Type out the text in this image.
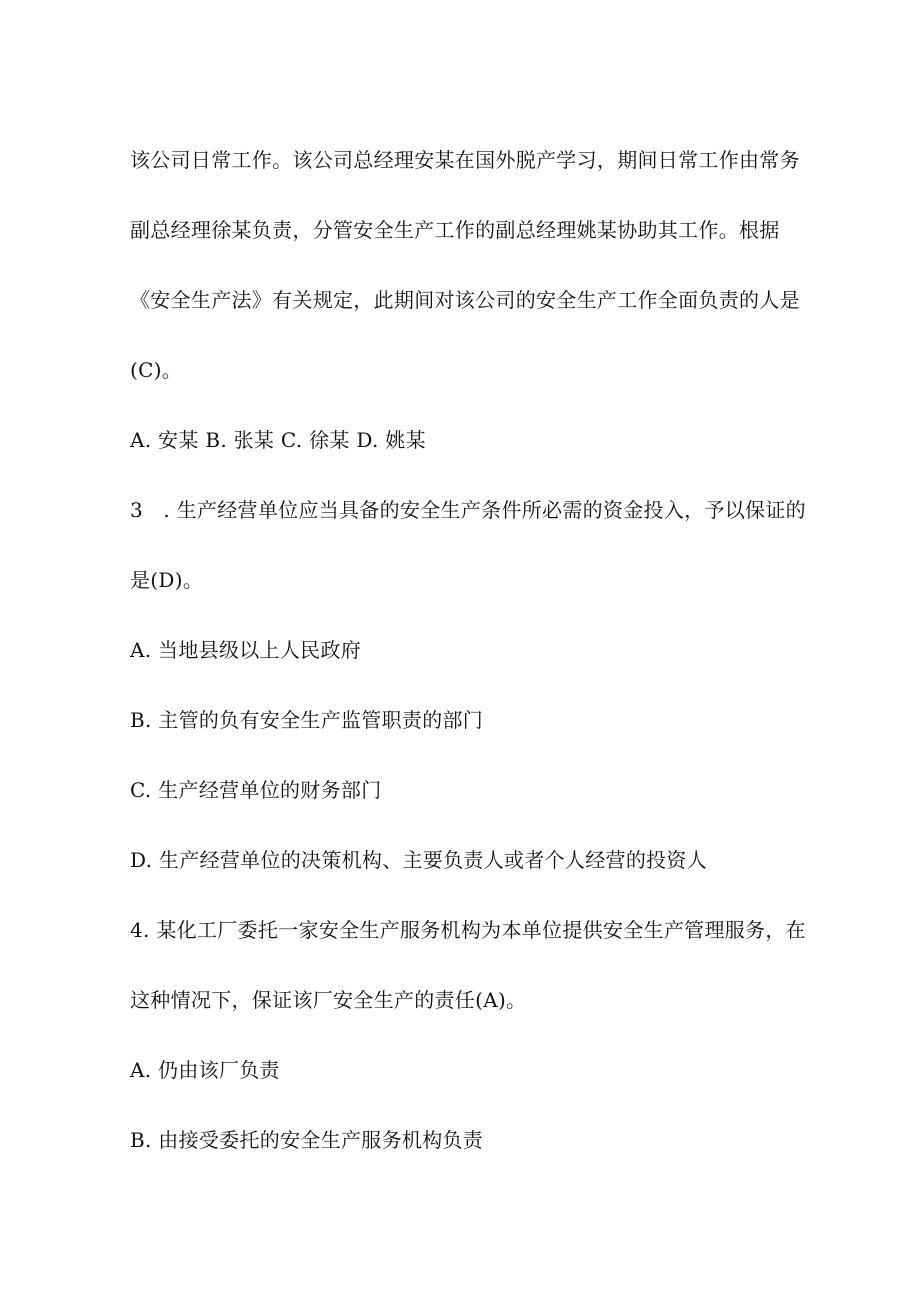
该公司日常工作。该公司总经理安某在国外脱产学习，期间日常工作由常务
副总经理徐某负责，分管安全生产工作的副总经理姚某协助其工作。根据
《安全生产法》有关规定，此期间对该公司的安全生产工作全面负责的人是
(C)。
A. 安某 B. 张某 C. 徐某 D. 姚某
3　. 生产经营单位应当具备的安全生产条件所必需的资金投入，予以保证的
是(D)。
A. 当地县级以上人民政府
B. 主管的负有安全生产监管职责的部门
C. 生产经营单位的财务部门
D. 生产经营单位的决策机构、主要负责人或者个人经营的投资人
4. 某化工厂委托一家安全生产服务机构为本单位提供安全生产管理服务，在
这种情况下，保证该厂安全生产的责任(A)。
A. 仍由该厂负责
B. 由接受委托的安全生产服务机构负责
